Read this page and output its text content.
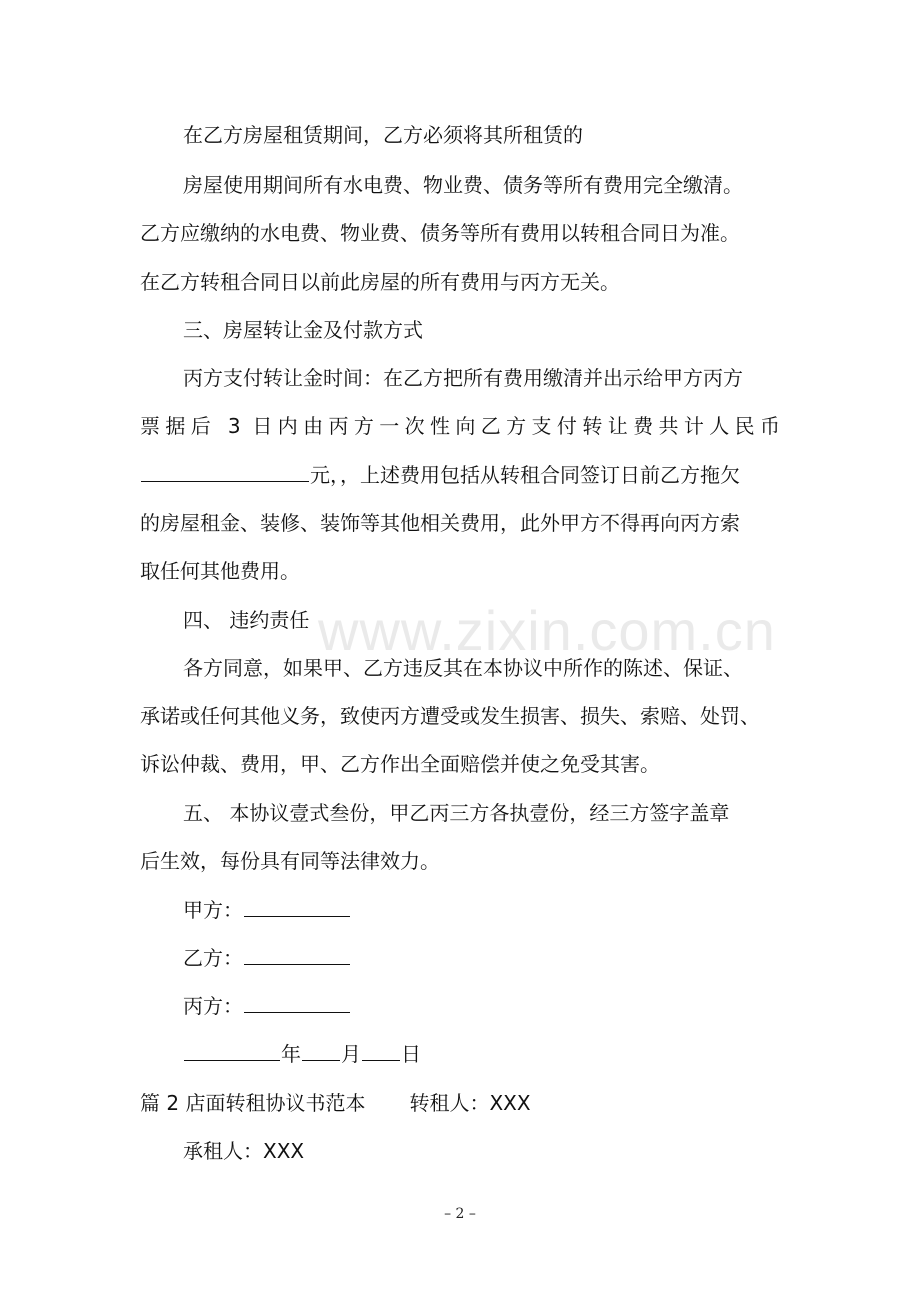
在乙方房屋租赁期间，乙方必须将其所租赁的
房屋使用期间所有水电费、物业费、债务等所有费用完全缴清。
乙方应缴纳的水电费、物业费、债务等所有费用以转租合同日为准。
在乙方转租合同日以前此房屋的所有费用与丙方无关。
三、房屋转让金及付款方式
丙方支付转让金时间：在乙方把所有费用缴清并出示给甲方丙方
票据后 3 日内由丙方一次性向乙方支付转让费共计人民币
元，，上述费用包括从转租合同签订日前乙方拖欠
的房屋租金、装修、装饰等其他相关费用，此外甲方不得再向丙方索
取任何其他费用。
四、 违约责任
各方同意，如果甲、乙方违反其在本协议中所作的陈述、保证、
承诺或任何其他义务，致使丙方遭受或发生损害、损失、索赔、处罚、
诉讼仲裁、费用，甲、乙方作出全面赔偿并使之免受其害。
五、 本协议壹式叁份，甲乙丙三方各执壹份，经三方签字盖章
后生效，每份具有同等法律效力。
甲方：
乙方：
丙方：
年 月 日
篇 2 店面转租协议书范本 转租人：XXX
承租人：XXX
www.zixin.com.cn
– 2 –
